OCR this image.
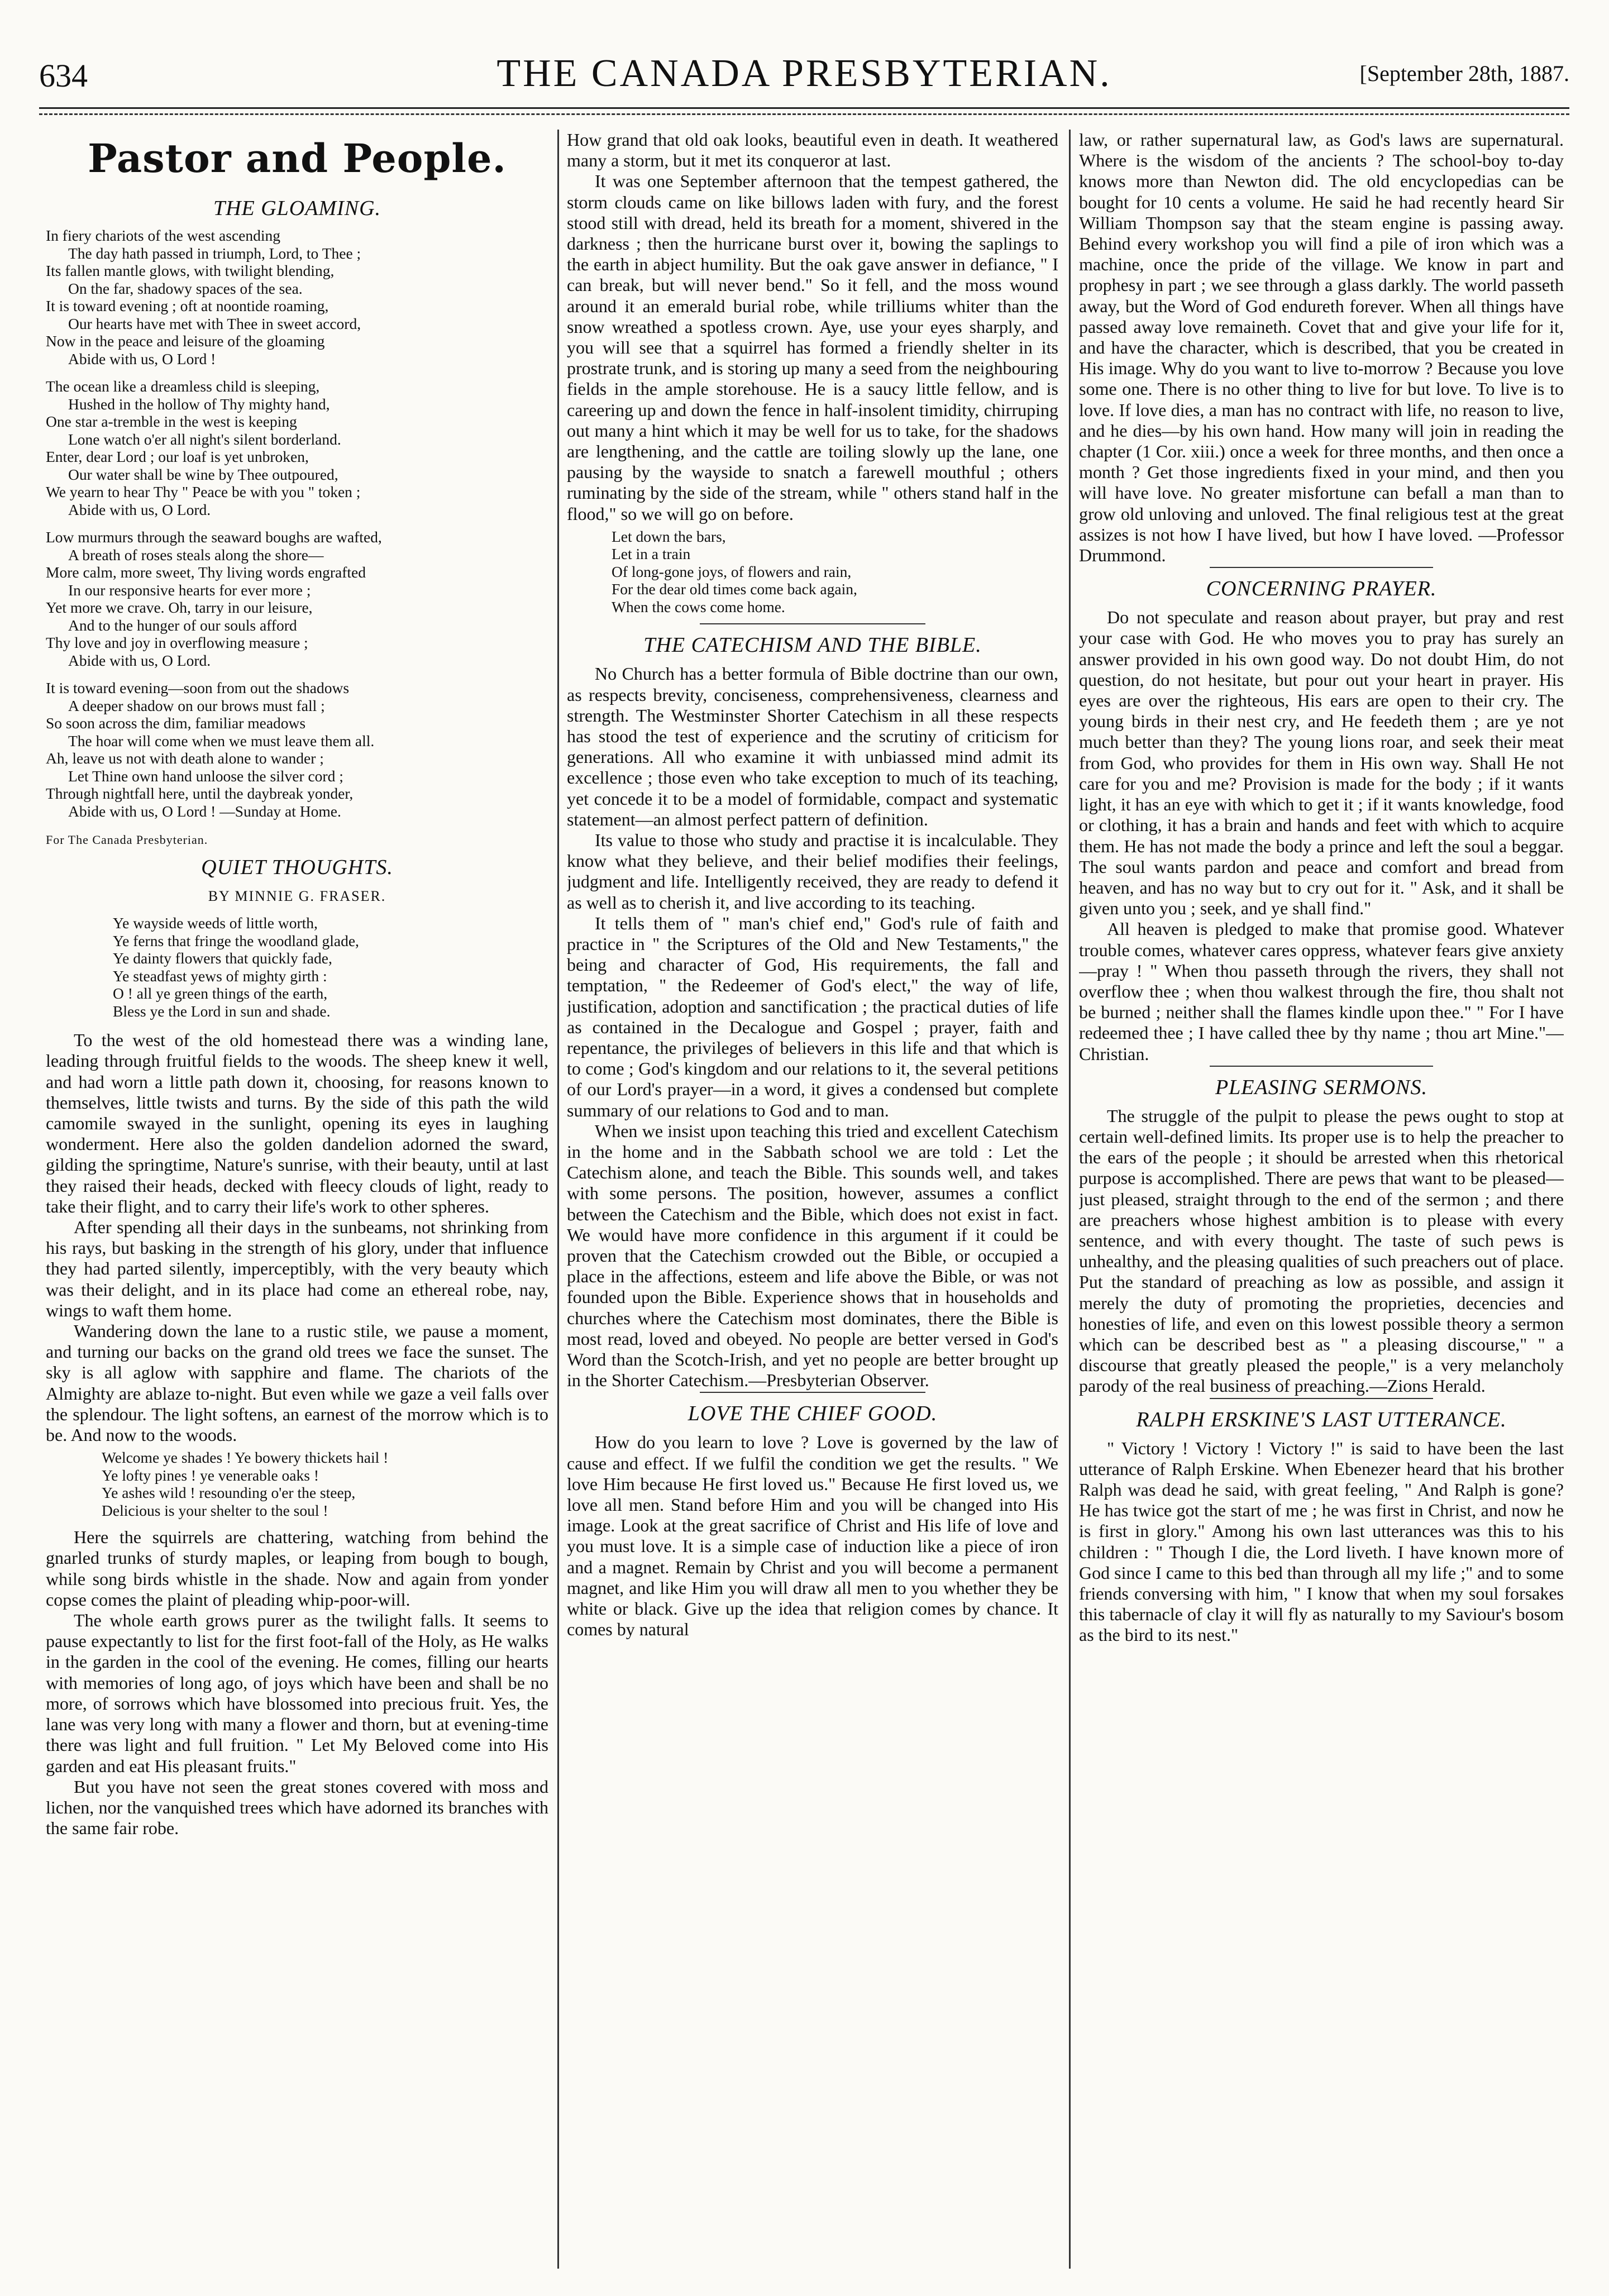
634	THE CANADA PRESBYTERIAN.	[September 28th, 1887.
Pastor and People.
THE GLOAMING.
In fiery chariots of the west ascending
The day hath passed in triumph, Lord, to Thee ;
Its fallen mantle glows, with twilight blending,
On the far, shadowy spaces of the sea.
It is toward evening ; oft at noontide roaming,
Our hearts have met with Thee in sweet accord,
Now in the peace and leisure of the gloaming
Abide with us, O Lord !
The ocean like a dreamless child is sleeping,
Hushed in the hollow of Thy mighty hand,
One star a-tremble in the west is keeping
Lone watch o'er all night's silent borderland.
Enter, dear Lord ; our loaf is yet unbroken,
Our water shall be wine by Thee outpoured,
We yearn to hear Thy " Peace be with you " token ;
Abide with us, O Lord.
Low murmurs through the seaward boughs are wafted,
A breath of roses steals along the shore—
More calm, more sweet, Thy living words engrafted
In our responsive hearts for ever more ;
Yet more we crave. Oh, tarry in our leisure,
And to the hunger of our souls afford
Thy love and joy in overflowing measure ;
Abide with us, O Lord.
It is toward evening—soon from out the shadows
A deeper shadow on our brows must fall ;
So soon across the dim, familiar meadows
The hoar will come when we must leave them all.
Ah, leave us not with death alone to wander ;
Let Thine own hand unloose the silver cord ;
Through nightfall here, until the daybreak yonder,
Abide with us, O Lord ! —Sunday at Home.
For The Canada Presbyterian.
QUIET THOUGHTS.
BY MINNIE G. FRASER.
Ye wayside weeds of little worth,
Ye ferns that fringe the woodland glade,
Ye dainty flowers that quickly fade,
Ye steadfast yews of mighty girth :
O ! all ye green things of the earth,
Bless ye the Lord in sun and shade.

To the west of the old homestead there was a winding lane, leading through fruitful fields to the woods. The sheep knew it well, and had worn a little path down it, choosing, for reasons known to themselves, little twists and turns. By the side of this path the wild camomile swayed in the sunlight, opening its eyes in laughing wonderment. Here also the golden dandelion adorned the sward, gilding the springtime, Nature's sunrise, with their beauty, until at last they raised their heads, decked with fleecy clouds of light, ready to take their flight, and to carry their life's work to other spheres.

After spending all their days in the sunbeams, not shrinking from his rays, but basking in the strength of his glory, under that influence they had parted silently, imperceptibly, with the very beauty which was their delight, and in its place had come an ethereal robe, nay, wings to waft them home.

Wandering down the lane to a rustic stile, we pause a moment, and turning our backs on the grand old trees we face the sunset. The sky is all aglow with sapphire and flame. The chariots of the Almighty are ablaze to-night. But even while we gaze a veil falls over the splendour. The light softens, an earnest of the morrow which is to be. And now to the woods.

Welcome ye shades ! Ye bowery thickets hail !
Ye lofty pines ! ye venerable oaks !
Ye ashes wild ! resounding o'er the steep,
Delicious is your shelter to the soul !

Here the squirrels are chattering, watching from behind the gnarled trunks of sturdy maples, or leaping from bough to bough, while song birds whistle in the shade. Now and again from yonder copse comes the plaint of pleading whip-poor-will.

The whole earth grows purer as the twilight falls. It seems to pause expectantly to list for the first foot-fall of the Holy, as He walks in the garden in the cool of the evening. He comes, filling our hearts with memories of long ago, of joys which have been and shall be no more, of sorrows which have blossomed into precious fruit. Yes, the lane was very long with many a flower and thorn, but at evening-time there was light and full fruition. " Let My Beloved come into His garden and eat His pleasant fruits."

But you have not seen the great stones covered with moss and lichen, nor the vanquished trees which have adorned its branches with the same fair robe.

How grand that old oak looks, beautiful even in death. It weathered many a storm, but it met its conqueror at last.

It was one September afternoon that the tempest gathered, the storm clouds came on like billows laden with fury, and the forest stood still with dread, held its breath for a moment, shivered in the darkness ; then the hurricane burst over it, bowing the saplings to the earth in abject humility. But the oak gave answer in defiance, " I can break, but will never bend." So it fell, and the moss wound around it an emerald burial robe, while trilliums whiter than the snow wreathed a spotless crown. Aye, use your eyes sharply, and you will see that a squirrel has formed a friendly shelter in its prostrate trunk, and is storing up many a seed from the neighbouring fields in the ample storehouse. He is a saucy little fellow, and is careering up and down the fence in half-insolent timidity, chirruping out many a hint which it may be well for us to take, for the shadows are lengthening, and the cattle are toiling slowly up the lane, one pausing by the wayside to snatch a farewell mouthful ; others ruminating by the side of the stream, while " others stand half in the flood," so we will go on before.

Let down the bars,
Let in a train
Of long-gone joys, of flowers and rain,
For the dear old times come back again,
When the cows come home.
THE CATECHISM AND THE BIBLE.

No Church has a better formula of Bible doctrine than our own, as respects brevity, conciseness, comprehensiveness, clearness and strength. The Westminster Shorter Catechism in all these respects has stood the test of experience and the scrutiny of criticism for generations. All who examine it with unbiassed mind admit its excellence ; those even who take exception to much of its teaching, yet concede it to be a model of formidable, compact and systematic statement—an almost perfect pattern of definition.

Its value to those who study and practise it is incalculable. They know what they believe, and their belief modifies their feelings, judgment and life. Intelligently received, they are ready to defend it as well as to cherish it, and live according to its teaching.

It tells them of " man's chief end," God's rule of faith and practice in " the Scriptures of the Old and New Testaments," the being and character of God, His requirements, the fall and temptation, " the Redeemer of God's elect," the way of life, justification, adoption and sanctification ; the practical duties of life as contained in the Decalogue and Gospel ; prayer, faith and repentance, the privileges of believers in this life and that which is to come ; God's kingdom and our relations to it, the several petitions of our Lord's prayer—in a word, it gives a condensed but complete summary of our relations to God and to man.

When we insist upon teaching this tried and excellent Catechism in the home and in the Sabbath school we are told : Let the Catechism alone, and teach the Bible. This sounds well, and takes with some persons. The position, however, assumes a conflict between the Catechism and the Bible, which does not exist in fact. We would have more confidence in this argument if it could be proven that the Catechism crowded out the Bible, or occupied a place in the affections, esteem and life above the Bible, or was not founded upon the Bible. Experience shows that in households and churches where the Catechism most dominates, there the Bible is most read, loved and obeyed. No people are better versed in God's Word than the Scotch-Irish, and yet no people are better brought up in the Shorter Catechism.—Presbyterian Observer.

LOVE THE CHIEF GOOD.

How do you learn to love ? Love is governed by the law of cause and effect. If we fulfil the condition we get the results. " We love Him because He first loved us." Because He first loved us, we love all men. Stand before Him and you will be changed into His image. Look at the great sacrifice of Christ and His life of love and you must love. It is a simple case of induction like a piece of iron and a magnet. Remain by Christ and you will become a permanent magnet, and like Him you will draw all men to you whether they be white or black. Give up the idea that religion comes by chance. It comes by natural

law, or rather supernatural law, as God's laws are supernatural. Where is the wisdom of the ancients ? The school-boy to-day knows more than Newton did. The old encyclopedias can be bought for 10 cents a volume. He said he had recently heard Sir William Thompson say that the steam engine is passing away. Behind every workshop you will find a pile of iron which was a machine, once the pride of the village. We know in part and prophesy in part ; we see through a glass darkly. The world passeth away, but the Word of God endureth forever. When all things have passed away love remaineth. Covet that and give your life for it, and have the character, which is described, that you be created in His image. Why do you want to live to-morrow ? Because you love some one. There is no other thing to live for but love. To live is to love. If love dies, a man has no contract with life, no reason to live, and he dies—by his own hand. How many will join in reading the chapter (1 Cor. xiii.) once a week for three months, and then once a month ? Get those ingredients fixed in your mind, and then you will have love. No greater misfortune can befall a man than to grow old unloving and unloved. The final religious test at the great assizes is not how I have lived, but how I have loved. —Professor Drummond.

CONCERNING PRAYER.

Do not speculate and reason about prayer, but pray and rest your case with God. He who moves you to pray has surely an answer provided in his own good way. Do not doubt Him, do not question, do not hesitate, but pour out your heart in prayer. His eyes are over the righteous, His ears are open to their cry. The young birds in their nest cry, and He feedeth them ; are ye not much better than they? The young lions roar, and seek their meat from God, who provides for them in His own way. Shall He not care for you and me? Provision is made for the body ; if it wants light, it has an eye with which to get it ; if it wants knowledge, food or clothing, it has a brain and hands and feet with which to acquire them. He has not made the body a prince and left the soul a beggar. The soul wants pardon and peace and comfort and bread from heaven, and has no way but to cry out for it. " Ask, and it shall be given unto you ; seek, and ye shall find."

All heaven is pledged to make that promise good. Whatever trouble comes, whatever cares oppress, whatever fears give anxiety—pray ! " When thou passeth through the rivers, they shall not overflow thee ; when thou walkest through the fire, thou shalt not be burned ; neither shall the flames kindle upon thee." " For I have redeemed thee ; I have called thee by thy name ; thou art Mine."—Christian.

PLEASING SERMONS.

The struggle of the pulpit to please the pews ought to stop at certain well-defined limits. Its proper use is to help the preacher to the ears of the people ; it should be arrested when this rhetorical purpose is accomplished. There are pews that want to be pleased—just pleased, straight through to the end of the sermon ; and there are preachers whose highest ambition is to please with every sentence, and with every thought. The taste of such pews is unhealthy, and the pleasing qualities of such preachers out of place. Put the standard of preaching as low as possible, and assign it merely the duty of promoting the proprieties, decencies and honesties of life, and even on this lowest possible theory a sermon which can be described best as " a pleasing discourse," " a discourse that greatly pleased the people," is a very melancholy parody of the real business of preaching.—Zions Herald.

RALPH ERSKINE'S LAST UTTERANCE.

" Victory ! Victory ! Victory !" is said to have been the last utterance of Ralph Erskine. When Ebenezer heard that his brother Ralph was dead he said, with great feeling, " And Ralph is gone? He has twice got the start of me ; he was first in Christ, and now he is first in glory." Among his own last utterances was this to his children : " Though I die, the Lord liveth. I have known more of God since I came to this bed than through all my life ;" and to some friends conversing with him, " I know that when my soul forsakes this tabernacle of clay it will fly as naturally to my Saviour's bosom as the bird to its nest."
